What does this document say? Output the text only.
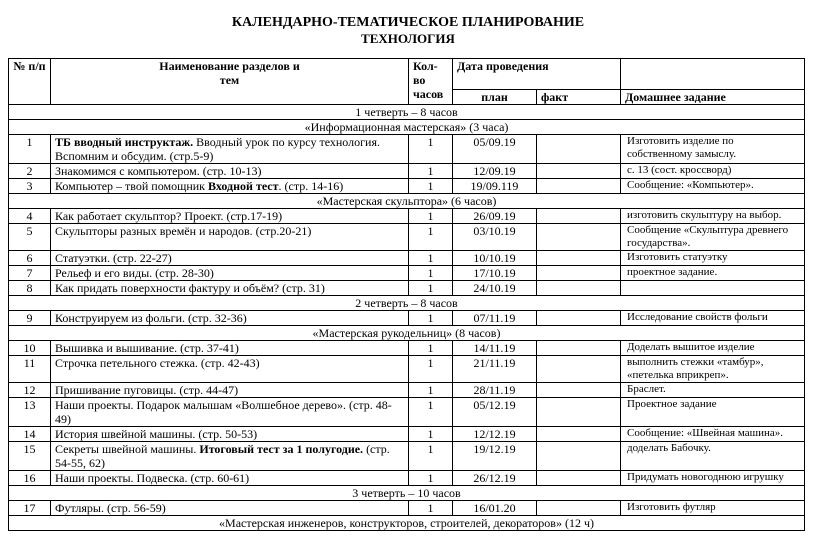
КАЛЕНДАРНО-ТЕМАТИЧЕСКОЕ ПЛАНИРОВАНИЕ
ТЕХНОЛОГИЯ
№ п/п	Наименование разделов и тем	Кол-во часов	Дата проведения		
			план	факт	Домашнее задание
1 четверть – 8 часов					
«Информационная мастерская» (3 часа)					
1	ТБ вводный инструктаж. Вводный урок по курсу технология. Вспомним и обсудим. (стр.5-9)	1	05/09.19		Изготовить изделие по собственному замыслу.
2	Знакомимся с компьютером. (стр. 10-13)	1	12/09.19		с. 13 (сост. кроссворд)
3	Компьютер – твой помощник Входной тест. (стр. 14-16)	1	19/09.119		Сообщение: «Компьютер».
«Мастерская скульптора» (6 часов)					
4	Как работает скульптор? Проект. (стр.17-19)	1	26/09.19		изготовить скульптуру на выбор.
5	Скульпторы разных времён и народов. (стр.20-21)	1	03/10.19		Сообщение «Скульптура древнего государства».
6	Статуэтки. (стр. 22-27)	1	10/10.19		Изготовить статуэтку
7	Рельеф и его виды. (стр. 28-30)	1	17/10.19		проектное задание.
8	Как придать поверхности фактуру и объём? (стр. 31)	1	24/10.19		
2 четверть – 8 часов					
9	Конструируем из фольги. (стр. 32-36)	1	07/11.19		Исследование свойств фольги
«Мастерская рукодельниц» (8 часов)					
10	Вышивка и вышивание. (стр. 37-41)	1	14/11.19		Доделать вышитое изделие
11	Строчка петельного стежка. (стр. 42-43)	1	21/11.19		выполнить стежки «тамбур», «петелька вприкреп».
12	Пришивание пуговицы. (стр. 44-47)	1	28/11.19		Браслет.
13	Наши проекты. Подарок малышам «Волшебное дерево». (стр. 48-49)	1	05/12.19		Проектное задание
14	История швейной машины. (стр. 50-53)	1	12/12.19		Сообщение: «Швейная машина».
15	Секреты швейной машины. Итоговый тест за 1 полугодие. (стр. 54-55, 62)	1	19/12.19		доделать Бабочку.
16	Наши проекты. Подвеска. (стр. 60-61)	1	26/12.19		Придумать новогоднюю игрушку
3 четверть – 10 часов					
17	Футляры. (стр. 56-59)	1	16/01.20		Изготовить футляр
«Мастерская инженеров, конструкторов, строителей, декораторов» (12 ч)					
